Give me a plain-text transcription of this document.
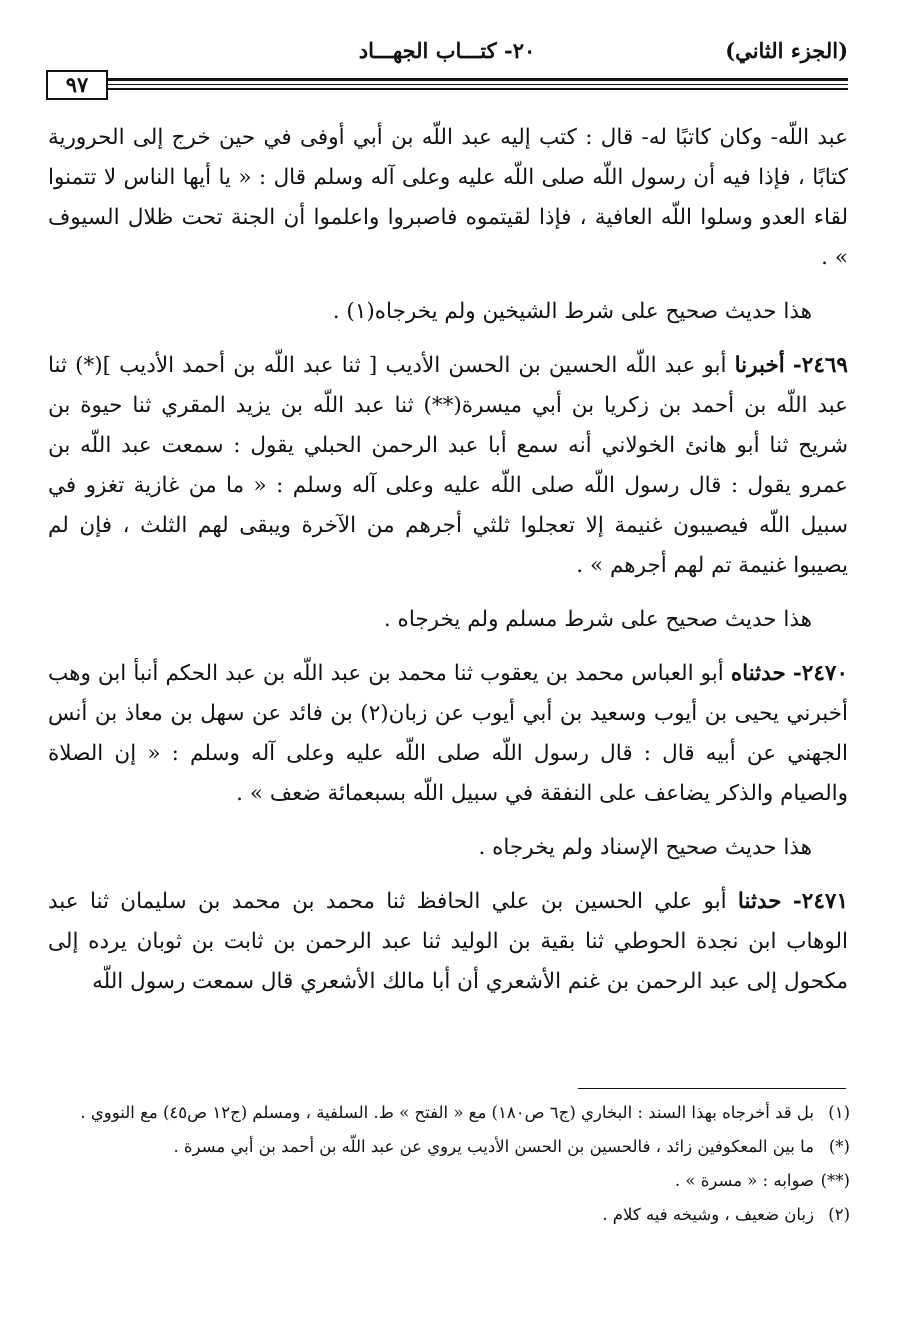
(الجزء الثاني)
٢٠- كتـــاب الجهـــاد
٩٧

عبد اللّه- وكان كاتبًا له- قال : كتب إليه عبد اللّه بن أبي أوفى في حين خرج إلى الحرورية كتابًا ، فإذا فيه أن رسول اللّه صلى اللّه عليه وعلى آله وسلم قال : « يا أيها الناس لا تتمنوا لقاء العدو وسلوا اللّه العافية ، فإذا لقيتموه فاصبروا واعلموا أن الجنة تحت ظلال السيوف » .

هذا حديث صحيح على شرط الشيخين ولم يخرجاه(١) .

٢٤٦٩- أخبرنا أبو عبد اللّه الحسين بن الحسن الأديب [ ثنا عبد اللّه بن أحمد الأديب ](*) ثنا عبد اللّه بن أحمد بن زكريا بن أبي ميسرة(**) ثنا عبد اللّه بن يزيد المقري ثنا حيوة بن شريح ثنا أبو هانئ الخولاني أنه سمع أبا عبد الرحمن الحبلي يقول : سمعت عبد اللّه بن عمرو يقول : قال رسول اللّه صلى اللّه عليه وعلى آله وسلم : « ما من غازية تغزو في سبيل اللّه فيصيبون غنيمة إلا تعجلوا ثلثي أجرهم من الآخرة ويبقى لهم الثلث ، فإن لم يصيبوا غنيمة تم لهم أجرهم » .

هذا حديث صحيح على شرط مسلم ولم يخرجاه .

٢٤٧٠- حدثناه أبو العباس محمد بن يعقوب ثنا محمد بن عبد اللّه بن عبد الحكم أنبأ ابن وهب أخبرني يحيى بن أيوب وسعيد بن أبي أيوب عن زبان(٢) بن فائد عن سهل بن معاذ بن أنس الجهني عن أبيه قال : قال رسول اللّه صلى اللّه عليه وعلى آله وسلم : « إن الصلاة والصيام والذكر يضاعف على النفقة في سبيل اللّه بسبعمائة ضعف » .

هذا حديث صحيح الإسناد ولم يخرجاه .

٢٤٧١- حدثنا أبو علي الحسين بن علي الحافظ ثنا محمد بن محمد بن سليمان ثنا عبد الوهاب ابن نجدة الحوطي ثنا بقية بن الوليد ثنا عبد الرحمن بن ثابت بن ثوبان يرده إلى مكحول إلى عبد الرحمن بن غنم الأشعري أن أبا مالك الأشعري قال سمعت رسول اللّه

(١)
بل قد أخرجاه بهذا السند : البخاري (ج٦ ص١٨٠) مع « الفتح » ط. السلفية ، ومسلم (ج١٢ ص٤٥) مع النووي .
(*)
ما بين المعكوفين زائد ، فالحسين بن الحسن الأديب يروي عن عبد اللّه بن أحمد بن أبي مسرة .
(**)
صوابه : « مسرة » .
(٢)
زبان ضعيف ، وشيخه فيه كلام .
